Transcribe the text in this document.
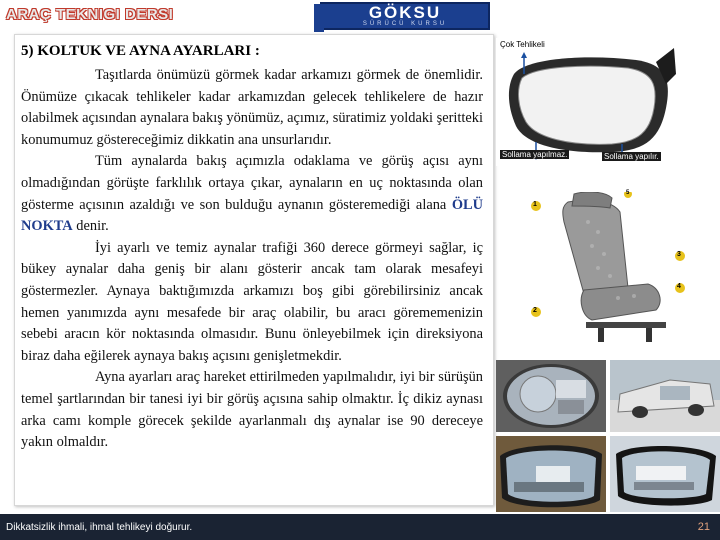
ARAÇ TEKNIGI DERSI	GÖKSU
SÜRÜCÜ KURSU
5) KOLTUK VE AYNA AYARLARI :

Taşıtlarda önümüzü görmek kadar arkamızı görmek de önemlidir. Önümüze çıkacak tehlikeler kadar arkamızdan gelecek tehlikelere de hazır olabilmek açısından aynalara bakış yönümüz, açımız, süratimiz yoldaki şeritteki konumumuz göstereceğimiz dikkatin ana unsurlarıdır.

Tüm aynalarda bakış açımızla odaklama ve görüş açısı aynı olmadığından görüşte farklılık ortaya çıkar, aynaların en uç noktasında olan gösterme açısının azaldığı ve son bulduğu aynanın gösteremediği alana ÖLÜ NOKTA denir.

İyi ayarlı ve temiz aynalar trafiği 360 derece görmeyi sağlar, iç bükey aynalar daha geniş bir alanı gösterir ancak tam olarak mesafeyi göstermezler. Aynaya baktığımızda arkamızı boş gibi görebilirsiniz ancak hemen yanımızda aynı mesafede bir araç olabilir, bu aracı görememenizin sebebi aracın kör noktasında olmasıdır. Bunu önleyebilmek için direksiyona biraz daha eğilerek aynaya bakış açısını genişletmekdir.

Ayna ayarları araç hareket ettirilmeden yapılmalıdır, iyi bir sürüşün temel şartlarından bir tanesi iyi bir görüş açısına sahip olmaktır. İç dikiz aynası arka camı komple görecek şekilde ayarlanmalı dış aynalar ise 90 dereceye yakın olmaldır.

Çok Tehlikeli
Sollama yapılmaz.	Sollama yapılır.
1
2
3
4
5
Dikkatsizlik ihmali, ihmal tehlikeyi doğurur.	21
